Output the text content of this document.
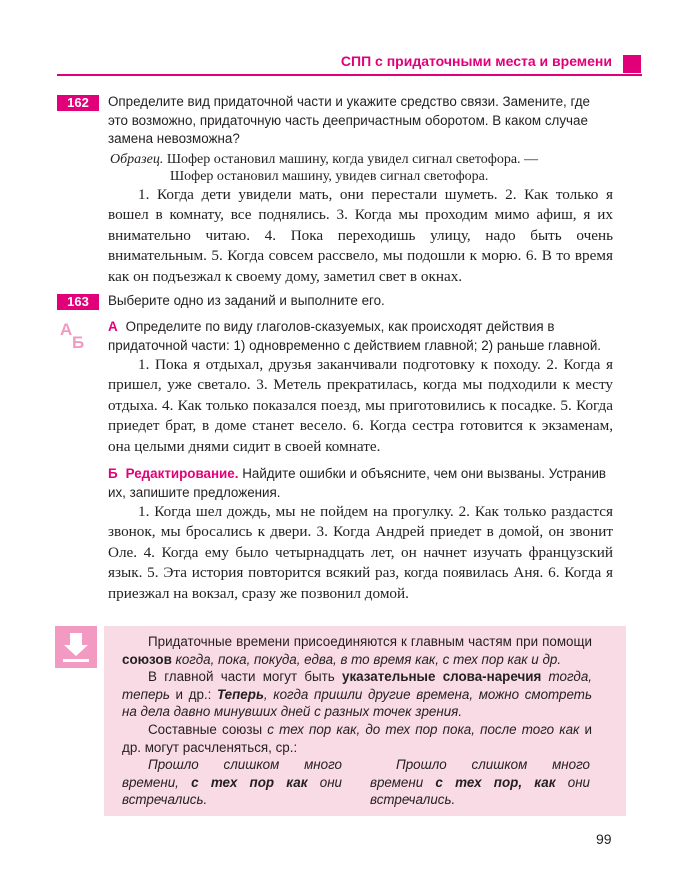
СПП с придаточными места и времени
162	Определите вид придаточной части и укажите средство связи. Замените, где это возможно, придаточную часть деепричастным оборотом. В каком случае замена невозможна?
Образец. Шофер остановил машину, когда увидел сигнал светофора. —
Шофер остановил машину, увидев сигнал светофора.

1. Когда дети увидели мать, они перестали шуметь. 2. Как только я вошел в комнату, все поднялись. 3. Когда мы проходим мимо афиш, я их внимательно читаю. 4. Пока переходишь улицу, надо быть очень внимательным. 5. Когда совсем рассвело, мы подошли к морю. 6. В то время как он подъезжал к своему дому, заметил свет в окнах.

163	Выберите одно из заданий и выполните его.
А
Б
А Определите по виду глаголов-сказуемых, как происходят действия в придаточной части: 1) одновременно с действием главной; 2) раньше главной.

1. Пока я отдыхал, друзья заканчивали подготовку к походу. 2. Когда я пришел, уже светало. 3. Метель прекратилась, когда мы подходили к месту отдыха. 4. Как только показался поезд, мы приготовились к посадке. 5. Когда приедет брат, в доме станет весело. 6. Когда сестра готовится к экзаменам, она целыми днями сидит в своей комнате.

Б Редактирование. Найдите ошибки и объясните, чем они вызваны. Устранив их, запишите предложения.

1. Когда шел дождь, мы не пойдем на прогулку. 2. Как только раздастся звонок, мы бросались к двери. 3. Когда Андрей приедет в домой, он звонит Оле. 4. Когда ему было четырнадцать лет, он начнет изучать французский язык. 5. Эта история повторится всякий раз, когда появилась Аня. 6. Когда я приезжал на вокзал, сразу же позвонил домой.

Придаточные времени присоединяются к главным частям при помощи союзов когда, пока, покуда, едва, в то время как, с тех пор как и др.

В главной части могут быть указательные слова-наречия тогда, теперь и др.: Теперь, когда пришли другие времена, можно смотреть на дела давно минувших дней с разных точек зрения.

Составные союзы с тех пор как, до тех пор пока, после того как и др. могут расчленяться, ср.:

Прошло слишком много времени, с тех пор как они встречались.

Прошло слишком много времени с тех пор, как они встречались.

99
